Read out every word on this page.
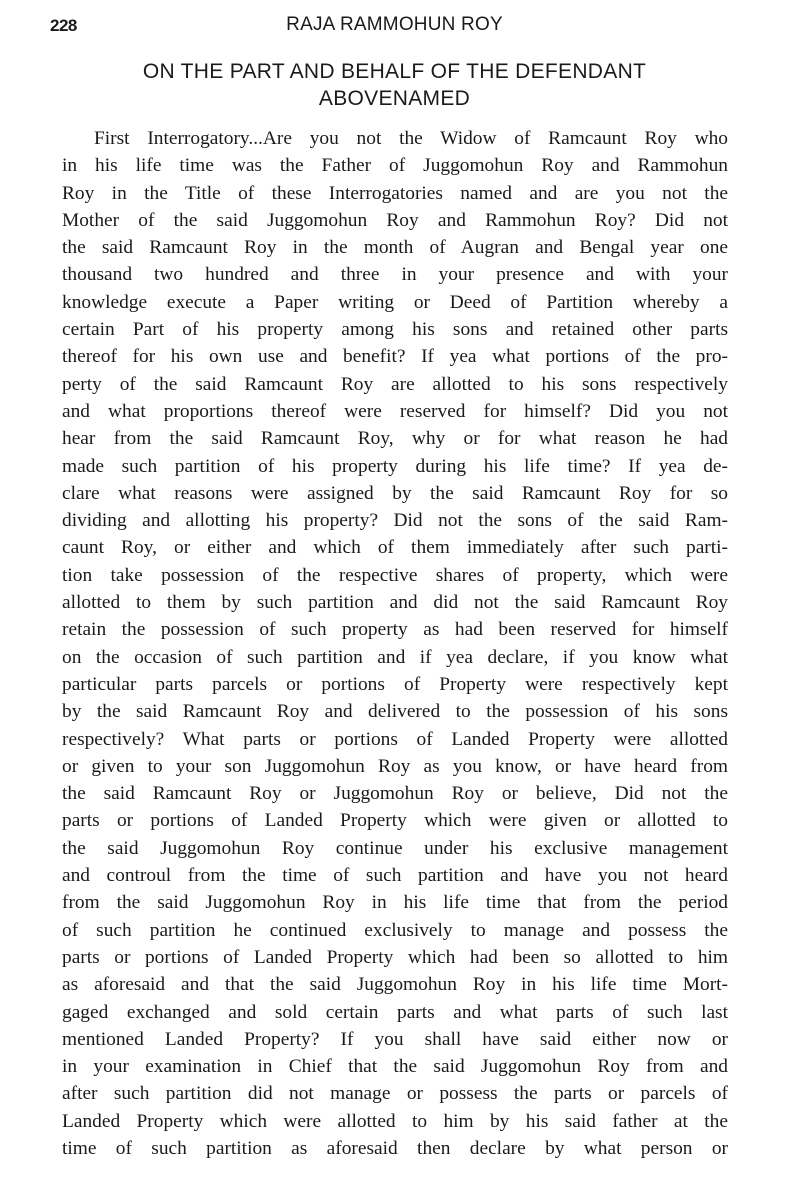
228	RAJA RAMMOHUN ROY
ON THE PART AND BEHALF OF THE DEFENDANT
ABOVENAMED
First Interrogatory...Are you not the Widow of Ramcaunt Roy who
in his life time was the Father of Juggomohun Roy and Rammohun
Roy in the Title of these Interrogatories named and are you not the
Mother of the said Juggomohun Roy and Rammohun Roy? Did not
the said Ramcaunt Roy in the month of Augran and Bengal year one
thousand two hundred and three in your presence and with your
knowledge execute a Paper writing or Deed of Partition whereby a
certain Part of his property among his sons and retained other parts
thereof for his own use and benefit? If yea what portions of the pro-
perty of the said Ramcaunt Roy are allotted to his sons respectively
and what proportions thereof were reserved for himself? Did you not
hear from the said Ramcaunt Roy, why or for what reason he had
made such partition of his property during his life time? If yea de-
clare what reasons were assigned by the said Ramcaunt Roy for so
dividing and allotting his property? Did not the sons of the said Ram-
caunt Roy, or either and which of them immediately after such parti-
tion take possession of the respective shares of property, which were
allotted to them by such partition and did not the said Ramcaunt Roy
retain the possession of such property as had been reserved for himself
on the occasion of such partition and if yea declare, if you know what
particular parts parcels or portions of Property were respectively kept
by the said Ramcaunt Roy and delivered to the possession of his sons
respectively? What parts or portions of Landed Property were allotted
or given to your son Juggomohun Roy as you know, or have heard from
the said Ramcaunt Roy or Juggomohun Roy or believe, Did not the
parts or portions of Landed Property which were given or allotted to
the said Juggomohun Roy continue under his exclusive management
and controul from the time of such partition and have you not heard
from the said Juggomohun Roy in his life time that from the period
of such partition he continued exclusively to manage and possess the
parts or portions of Landed Property which had been so allotted to him
as aforesaid and that the said Juggomohun Roy in his life time Mort-
gaged exchanged and sold certain parts and what parts of such last
mentioned Landed Property? If you shall have said either now or
in your examination in Chief that the said Juggomohun Roy from and
after such partition did not manage or possess the parts or parcels of
Landed Property which were allotted to him by his said father at the
time of such partition as aforesaid then declare by what person or
